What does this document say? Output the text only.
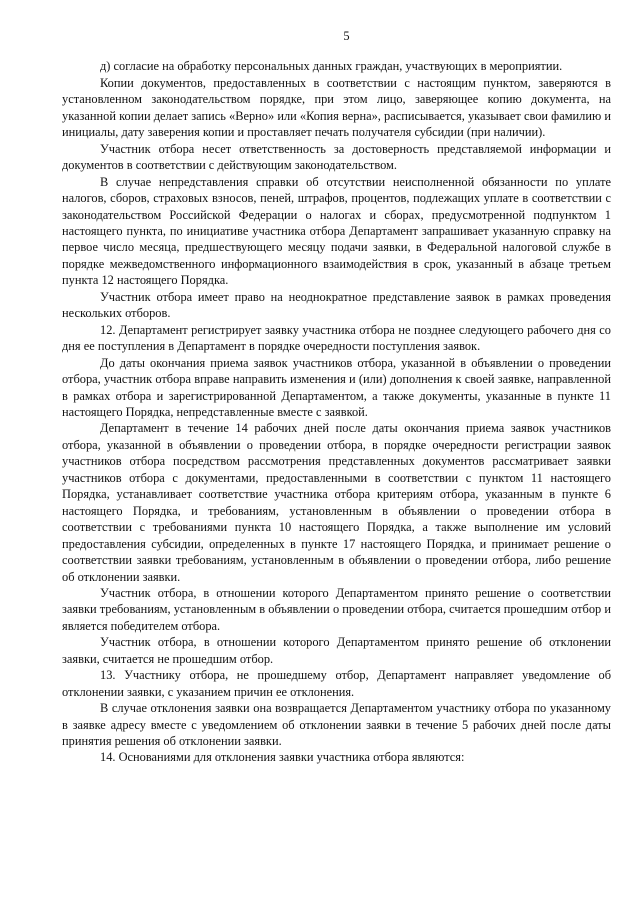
5

д) согласие на обработку персональных данных граждан, участвующих в мероприятии.

Копии документов, предоставленных в соответствии с настоящим пунктом, заверяются в установленном законодательством порядке, при этом лицо, заверяющее копию документа, на указанной копии делает запись «Верно» или «Копия верна», расписывается, указывает свои фамилию и инициалы, дату заверения копии и проставляет печать получателя субсидии (при наличии).

Участник отбора несет ответственность за достоверность представляемой информации и документов в соответствии с действующим законодательством.

В случае непредставления справки об отсутствии неисполненной обязанности по уплате налогов, сборов, страховых взносов, пеней, штрафов, процентов, подлежащих уплате в соответствии с законодательством Российской Федерации о налогах и сборах, предусмотренной подпунктом 1 настоящего пункта, по инициативе участника отбора Департамент запрашивает указанную справку на первое число месяца, предшествующего месяцу подачи заявки, в Федеральной налоговой службе в порядке межведомственного информационного взаимодействия в срок, указанный в абзаце третьем пункта 12 настоящего Порядка.

Участник отбора имеет право на неоднократное представление заявок в рамках проведения нескольких отборов.

12. Департамент регистрирует заявку участника отбора не позднее следующего рабочего дня со дня ее поступления в Департамент в порядке очередности поступления заявок.

До даты окончания приема заявок участников отбора, указанной в объявлении о проведении отбора, участник отбора вправе направить изменения и (или) дополнения к своей заявке, направленной в рамках отбора и зарегистрированной Департаментом, а также документы, указанные в пункте 11 настоящего Порядка, непредставленные вместе с заявкой.

Департамент в течение 14 рабочих дней после даты окончания приема заявок участников отбора, указанной в объявлении о проведении отбора, в порядке очередности регистрации заявок участников отбора посредством рассмотрения представленных документов рассматривает заявки участников отбора с документами, предоставленными в соответствии с пунктом 11 настоящего Порядка, устанавливает соответствие участника отбора критериям отбора, указанным в пункте 6 настоящего Порядка, и требованиям, установленным в объявлении о проведении отбора в соответствии с требованиями пункта 10 настоящего Порядка, а также выполнение им условий предоставления субсидии, определенных в пункте 17 настоящего Порядка, и принимает решение о соответствии заявки требованиям, установленным в объявлении о проведении отбора, либо решение об отклонении заявки.

Участник отбора, в отношении которого Департаментом принято решение о соответствии заявки требованиям, установленным в объявлении о проведении отбора, считается прошедшим отбор и является победителем отбора.

Участник отбора, в отношении которого Департаментом принято решение об отклонении заявки, считается не прошедшим отбор.

13. Участнику отбора, не прошедшему отбор, Департамент направляет уведомление об отклонении заявки, с указанием причин ее отклонения.

В случае отклонения заявки она возвращается Департаментом участнику отбора по указанному в заявке адресу вместе с уведомлением об отклонении заявки в течение 5 рабочих дней после даты принятия решения об отклонении заявки.

14. Основаниями для отклонения заявки участника отбора являются:
